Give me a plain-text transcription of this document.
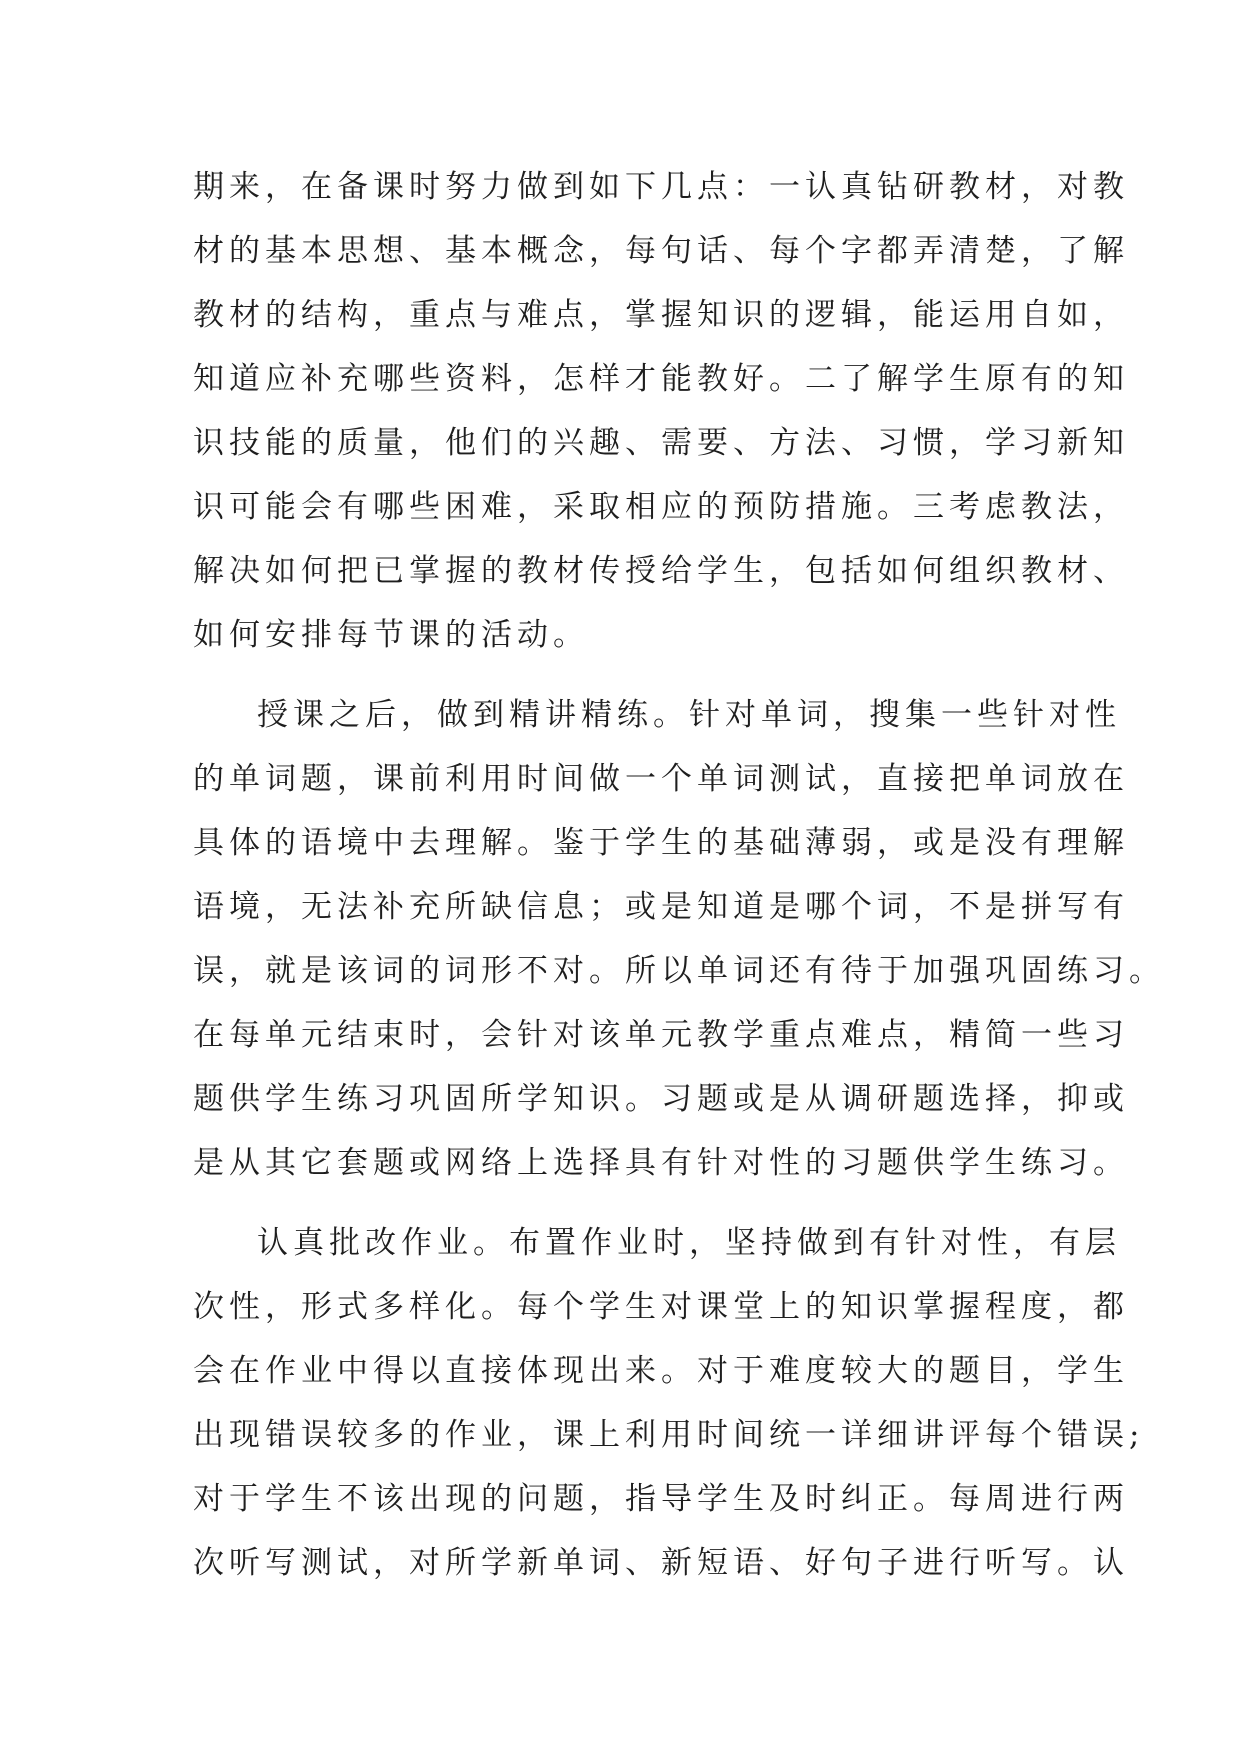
期来，在备课时努力做到如下几点：一认真钻研教材，对教
材的基本思想、基本概念，每句话、每个字都弄清楚，了解
教材的结构，重点与难点，掌握知识的逻辑，能运用自如，
知道应补充哪些资料，怎样才能教好。二了解学生原有的知
识技能的质量，他们的兴趣、需要、方法、习惯，学习新知
识可能会有哪些困难，采取相应的预防措施。三考虑教法，
解决如何把已掌握的教材传授给学生，包括如何组织教材、
如何安排每节课的活动。
授课之后，做到精讲精练。针对单词，搜集一些针对性
的单词题，课前利用时间做一个单词测试，直接把单词放在
具体的语境中去理解。鉴于学生的基础薄弱，或是没有理解
语境，无法补充所缺信息；或是知道是哪个词，不是拼写有
误，就是该词的词形不对。所以单词还有待于加强巩固练习。
在每单元结束时，会针对该单元教学重点难点，精简一些习
题供学生练习巩固所学知识。习题或是从调研题选择，抑或
是从其它套题或网络上选择具有针对性的习题供学生练习。
认真批改作业。布置作业时，坚持做到有针对性，有层
次性，形式多样化。每个学生对课堂上的知识掌握程度，都
会在作业中得以直接体现出来。对于难度较大的题目，学生
出现错误较多的作业，课上利用时间统一详细讲评每个错误;
对于学生不该出现的问题，指导学生及时纠正。每周进行两
次听写测试，对所学新单词、新短语、好句子进行听写。认
